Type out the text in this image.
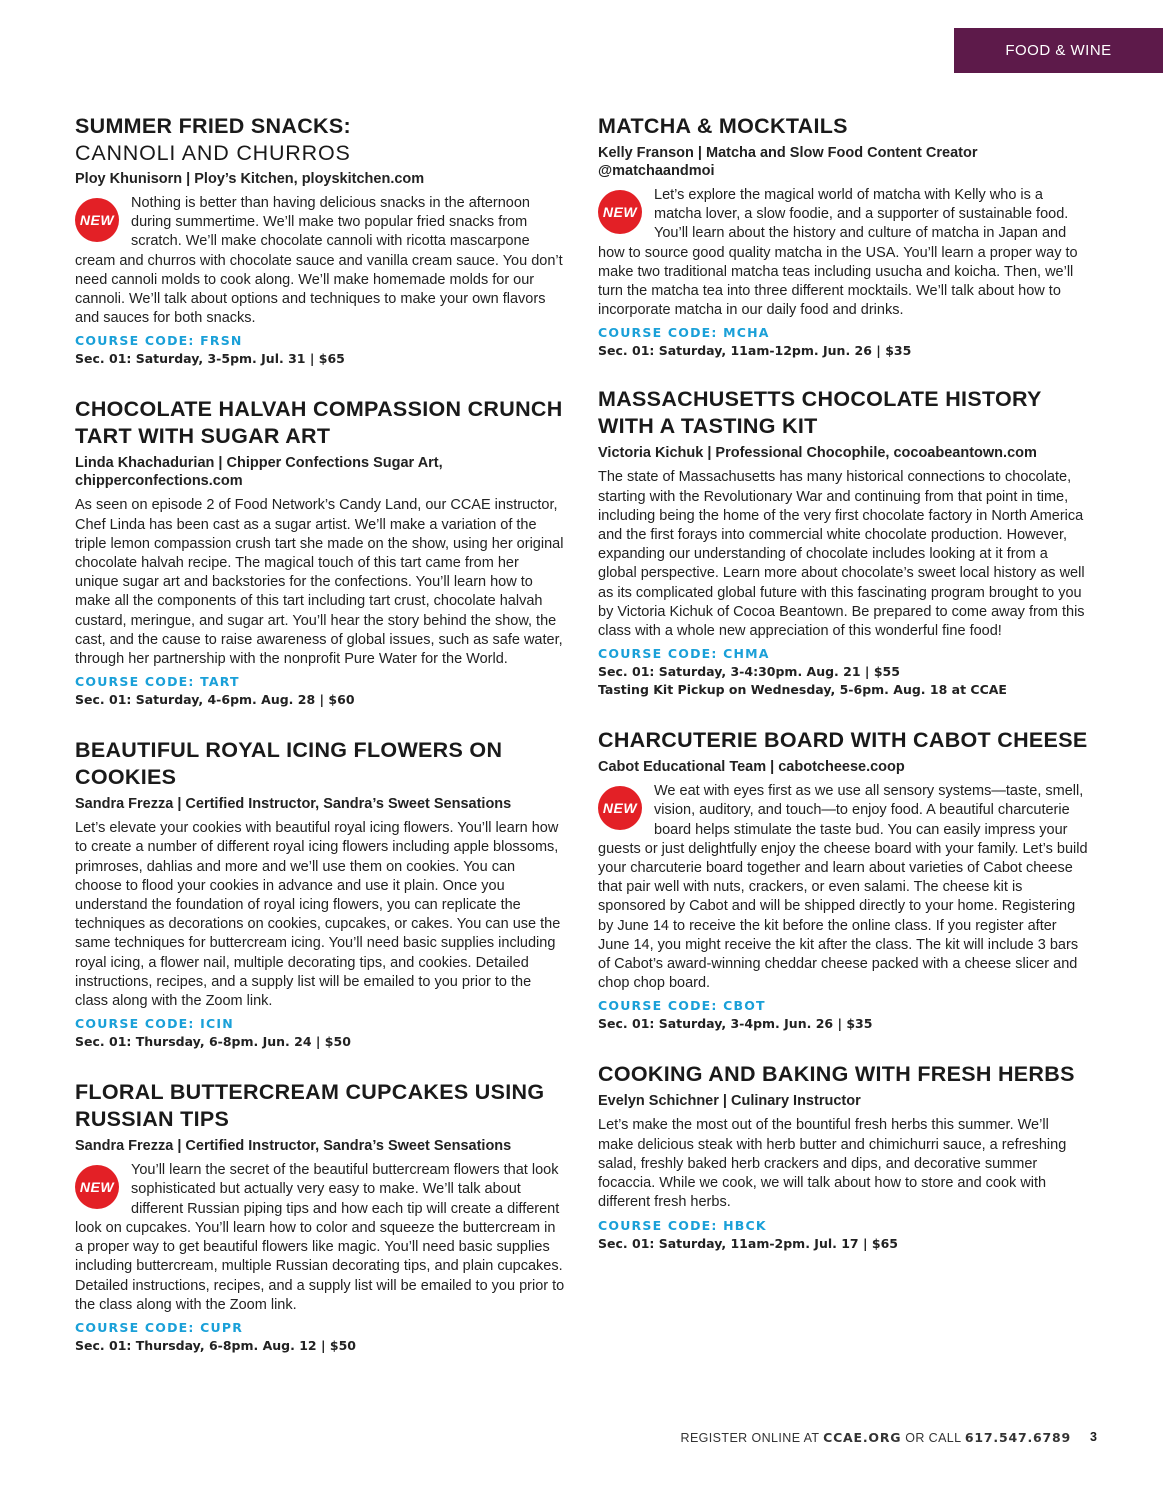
FOOD & WINE
SUMMER FRIED SNACKS:
CANNOLI AND CHURROS
Ploy Khunisorn | Ploy’s Kitchen, ployskitchen.com
NEW

Nothing is better than having delicious snacks in the afternoon during summertime. We’ll make two popular fried snacks from scratch. We’ll make chocolate cannoli with ricotta mascarpone cream and churros with chocolate sauce and vanilla cream sauce. You don’t need cannoli molds to cook along. We’ll make homemade molds for our cannoli. We’ll talk about options and techniques to make your own flavors and sauces for both snacks.

COURSE CODE: FRSN
Sec. 01: Saturday, 3-5pm. Jul. 31 | $65
CHOCOLATE HALVAH COMPASSION CRUNCH TART WITH SUGAR ART
Linda Khachadurian | Chipper Confections Sugar Art, chipperconfections.com

As seen on episode 2 of Food Network’s Candy Land, our CCAE instructor, Chef Linda has been cast as a sugar artist. We’ll make a variation of the triple lemon compassion crush tart she made on the show, using her original chocolate halvah recipe. The magical touch of this tart came from her unique sugar art and backstories for the confections. You’ll learn how to make all the components of this tart including tart crust, chocolate halvah custard, meringue, and sugar art. You’ll hear the story behind the show, the cast, and the cause to raise awareness of global issues, such as safe water, through her partnership with the nonprofit Pure Water for the World.

COURSE CODE: TART
Sec. 01: Saturday, 4-6pm. Aug. 28 | $60
BEAUTIFUL ROYAL ICING FLOWERS ON COOKIES
Sandra Frezza | Certified Instructor, Sandra’s Sweet Sensations

Let’s elevate your cookies with beautiful royal icing flowers. You’ll learn how to create a number of different royal icing flowers including apple blossoms, primroses, dahlias and more and we’ll use them on cookies. You can choose to flood your cookies in advance and use it plain. Once you understand the foundation of royal icing flowers, you can replicate the techniques as decorations on cookies, cupcakes, or cakes. You can use the same techniques for buttercream icing. You’ll need basic supplies including royal icing, a flower nail, multiple decorating tips, and cookies. Detailed instructions, recipes, and a supply list will be emailed to you prior to the class along with the Zoom link.

COURSE CODE: ICIN
Sec. 01: Thursday, 6-8pm. Jun. 24 | $50
FLORAL BUTTERCREAM CUPCAKES USING RUSSIAN TIPS
Sandra Frezza | Certified Instructor, Sandra’s Sweet Sensations
NEW

You’ll learn the secret of the beautiful buttercream flowers that look sophisticated but actually very easy to make. We’ll talk about different Russian piping tips and how each tip will create a different look on cupcakes. You’ll learn how to color and squeeze the buttercream in a proper way to get beautiful flowers like magic. You’ll need basic supplies including buttercream, multiple Russian decorating tips, and plain cupcakes. Detailed instructions, recipes, and a supply list will be emailed to you prior to the class along with the Zoom link.

COURSE CODE: CUPR
Sec. 01: Thursday, 6-8pm. Aug. 12 | $50
MATCHA & MOCKTAILS
Kelly Franson | Matcha and Slow Food Content Creator @matchaandmoi
NEW

Let’s explore the magical world of matcha with Kelly who is a matcha lover, a slow foodie, and a supporter of sustainable food. You’ll learn about the history and culture of matcha in Japan and how to source good quality matcha in the USA. You’ll learn a proper way to make two traditional matcha teas including usucha and koicha. Then, we’ll turn the matcha tea into three different mocktails. We’ll talk about how to incorporate matcha in our daily food and drinks.

COURSE CODE: MCHA
Sec. 01: Saturday, 11am-12pm. Jun. 26 | $35
MASSACHUSETTS CHOCOLATE HISTORY WITH A TASTING KIT
Victoria Kichuk | Professional Chocophile, cocoabeantown.com

The state of Massachusetts has many historical connections to chocolate, starting with the Revolutionary War and continuing from that point in time, including being the home of the very first chocolate factory in North America and the first forays into commercial white chocolate production. However, expanding our understanding of chocolate includes looking at it from a global perspective. Learn more about chocolate’s sweet local history as well as its complicated global future with this fascinating program brought to you by Victoria Kichuk of Cocoa Beantown. Be prepared to come away from this class with a whole new appreciation of this wonderful fine food!

COURSE CODE: CHMA
Sec. 01: Saturday, 3-4:30pm. Aug. 21 | $55
Tasting Kit Pickup on Wednesday, 5-6pm. Aug. 18 at CCAE
CHARCUTERIE BOARD WITH CABOT CHEESE
Cabot Educational Team | cabotcheese.coop
NEW

We eat with eyes first as we use all sensory systems—taste, smell, vision, auditory, and touch—to enjoy food. A beautiful charcuterie board helps stimulate the taste bud. You can easily impress your guests or just delightfully enjoy the cheese board with your family. Let’s build your charcuterie board together and learn about varieties of Cabot cheese that pair well with nuts, crackers, or even salami. The cheese kit is sponsored by Cabot and will be shipped directly to your home. Registering by June 14 to receive the kit before the online class. If you register after June 14, you might receive the kit after the class. The kit will include 3 bars of Cabot’s award-winning cheddar cheese packed with a cheese slicer and chop chop board.

COURSE CODE: CBOT
Sec. 01: Saturday, 3-4pm. Jun. 26 | $35
COOKING AND BAKING WITH FRESH HERBS
Evelyn Schichner | Culinary Instructor

Let’s make the most out of the bountiful fresh herbs this summer. We’ll make delicious steak with herb butter and chimichurri sauce, a refreshing salad, freshly baked herb crackers and dips, and decorative summer focaccia. While we cook, we will talk about how to store and cook with different fresh herbs.

COURSE CODE: HBCK
Sec. 01: Saturday, 11am-2pm. Jul. 17 | $65
REGISTER ONLINE AT CCAE.ORG OR CALL 617.547.6789 3
